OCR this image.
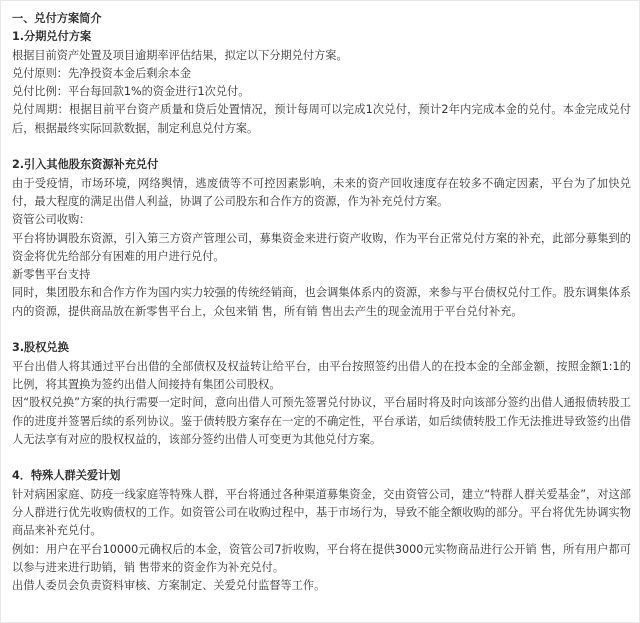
一、兑付方案简介

1.分期兑付方案

根据目前资产处置及项目逾期率评估结果，拟定以下分期兑付方案。

兑付原则：先净投资本金后剩余本金

兑付比例：平台每回款1%的资金进行1次兑付。

兑付周期：根据目前平台资产质量和贷后处置情况，预计每周可以完成1次兑付，预计2年内完成本金的兑付。本金完成兑付后，根据最终实际回款数据，制定利息兑付方案。

2.引入其他股东资源补充兑付

由于受疫情，市场环境，网络舆情，逃废债等不可控因素影响，未来的资产回收速度存在较多不确定因素，平台为了加快兑付，最大程度的满足出借人利益，协调了公司股东和合作方的资源，作为补充兑付方案。

资管公司收购：

平台将协调股东资源，引入第三方资产管理公司，募集资金来进行资产收购，作为平台正常兑付方案的补充，此部分募集到的资金将优先给部分有困难的用户进行兑付。

新零售平台支持

同时，集团股东和合作方作为国内实力较强的传统经销商，也会调集体系内的资源，来参与平台债权兑付工作。股东调集体系内的资源，提供商品放在新零售平台上，众包来销 售，所有销 售出去产生的现金流用于平台兑付补充。

3.股权兑换

平台出借人将其通过平台出借的全部债权及权益转让给平台，由平台按照签约出借人的在投本金的全部金额，按照金额1:1的比例，将其置换为签约出借人间接持有集团公司股权。

因“股权兑换”方案的执行需要一定时间，意向出借人可预先签署兑付协议，平台届时将及时向该部分签约出借人通报债转股工作的进度并签署后续的系列协议。鉴于债转股方案存在一定的不确定性，平台承诺，如后续债转股工作无法推进导致签约出借人无法享有对应的股权权益的，该部分签约出借人可变更为其他兑付方案。

4．特殊人群关爱计划

针对病困家庭、防疫一线家庭等特殊人群，平台将通过各种渠道募集资金，交由资管公司，建立“特群人群关爱基金”，对这部分人群进行优先收购债权的工作。如资管公司在收购过程中，基于市场行为，导致不能全额收购的部分。平台将优先协调实物商品来补充兑付。

例如：用户在平台10000元确权后的本金，资管公司7折收购，平台将在提供3000元实物商品进行公开销 售，所有用户都可以参与进来进行助销，销 售带来的资金作为补充兑付。

出借人委员会负责资料审核、方案制定、关爱兑付监督等工作。
